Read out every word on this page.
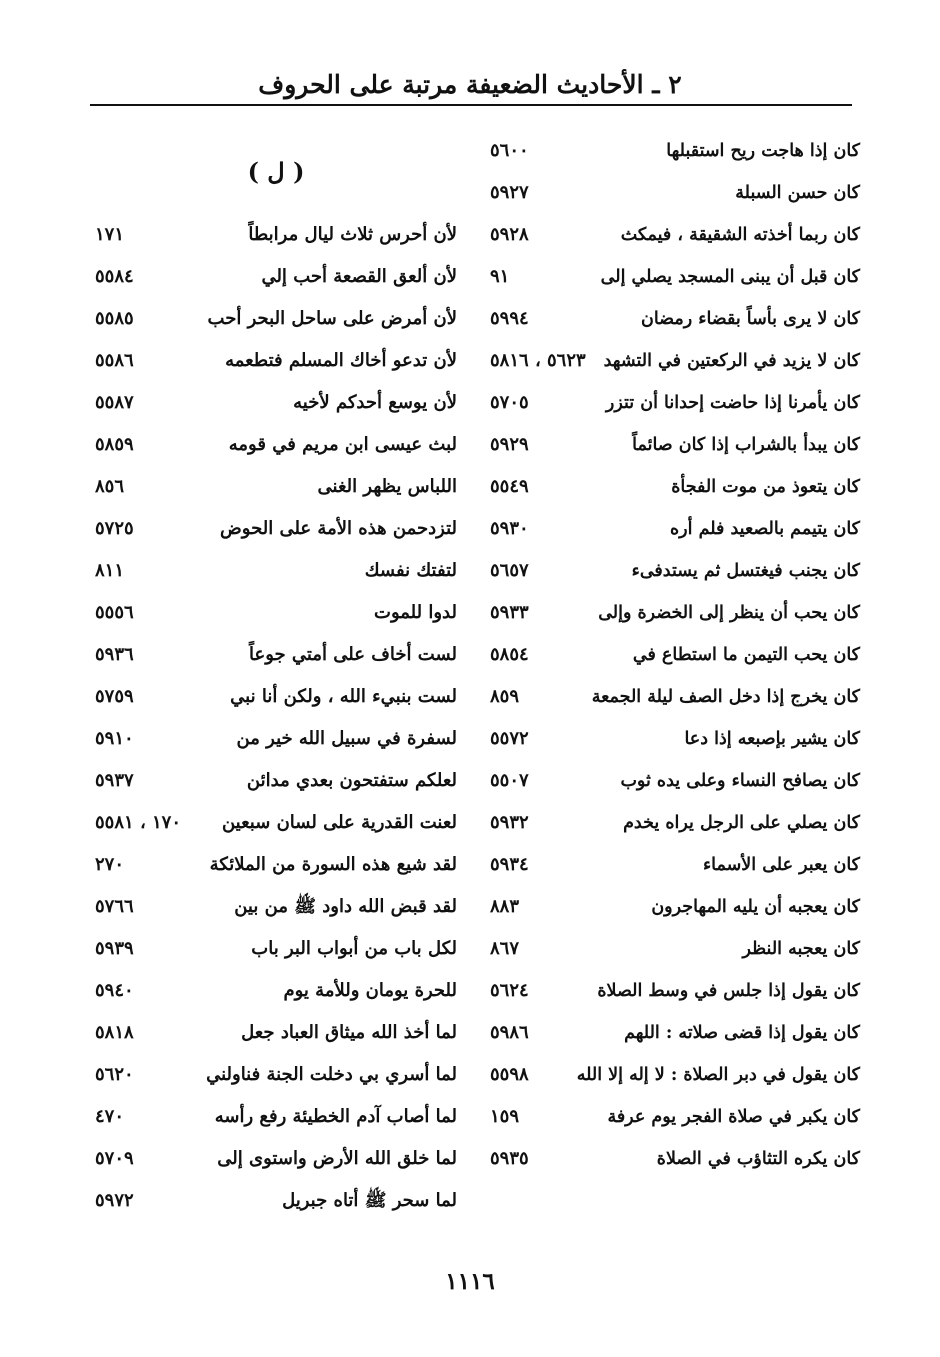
٢ ـ الأحاديث الضعيفة مرتبة على الحروف
كان إذا هاجت ريح استقبلها
٥٦٠٠
كان حسن السبلة
٥٩٢٧
كان ربما أخذته الشقيقة ، فيمكث
٥٩٢٨
كان قبل أن يبنى المسجد يصلي إلى
٩١
كان لا يرى بأساً بقضاء رمضان
٥٩٩٤
كان لا يزيد في الركعتين في التشهد
٥٦٢٣ ، ٥٨١٦
كان يأمرنا إذا حاضت إحدانا أن تتزر
٥٧٠٥
كان يبدأ بالشراب إذا كان صائماً
٥٩٢٩
كان يتعوذ من موت الفجأة
٥٥٤٩
كان يتيمم بالصعيد فلم أره
٥٩٣٠
كان يجنب فيغتسل ثم يستدفىء
٥٦٥٧
كان يحب أن ينظر إلى الخضرة وإلى
٥٩٣٣
كان يحب التيمن ما استطاع في
٥٨٥٤
كان يخرج إذا دخل الصف ليلة الجمعة
٨٥٩
كان يشير بإصبعه إذا دعا
٥٥٧٢
كان يصافح النساء وعلى يده ثوب
٥٥٠٧
كان يصلي على الرجل يراه يخدم
٥٩٣٢
كان يعبر على الأسماء
٥٩٣٤
كان يعجبه أن يليه المهاجرون
٨٨٣
كان يعجبه النظر
٨٦٧
كان يقول إذا جلس في وسط الصلاة
٥٦٢٤
كان يقول إذا قضى صلاته : اللهم
٥٩٨٦
كان يقول في دبر الصلاة : لا إله إلا الله
٥٥٩٨
كان يكبر في صلاة الفجر يوم عرفة
١٥٩
كان يكره التثاؤب في الصلاة
٥٩٣٥
( ل )
لأن أحرس ثلاث ليال مرابطاً
١٧١
لأن ألعق القصعة أحب إلي
٥٥٨٤
لأن أمرض على ساحل البحر أحب
٥٥٨٥
لأن تدعو أخاك المسلم فتطعمه
٥٥٨٦
لأن يوسع أحدكم لأخيه
٥٥٨٧
لبث عيسى ابن مريم في قومه
٥٨٥٩
اللباس يظهر الغنى
٨٥٦
لتزدحمن هذه الأمة على الحوض
٥٧٢٥
لتفتك نفسك
٨١١
لدوا للموت
٥٥٥٦
لست أخاف على أمتي جوعاً
٥٩٣٦
لست بنبيء الله ، ولكن أنا نبي
٥٧٥٩
لسفرة في سبيل الله خير من
٥٩١٠
لعلكم ستفتحون بعدي مدائن
٥٩٣٧
لعنت القدرية على لسان سبعين
١٧٠ ، ٥٥٨١
لقد شيع هذه السورة من الملائكة
٢٧٠
لقد قبض الله داود ﷺ من بين
٥٧٦٦
لكل باب من أبواب البر باب
٥٩٣٩
للحرة يومان وللأمة يوم
٥٩٤٠
لما أخذ الله ميثاق العباد جعل
٥٨١٨
لما أسري بي دخلت الجنة فناولني
٥٦٢٠
لما أصاب آدم الخطيئة رفع رأسه
٤٧٠
لما خلق الله الأرض واستوى إلى
٥٧٠٩
لما سحر ﷺ أتاه جبريل
٥٩٧٢
١١١٦
